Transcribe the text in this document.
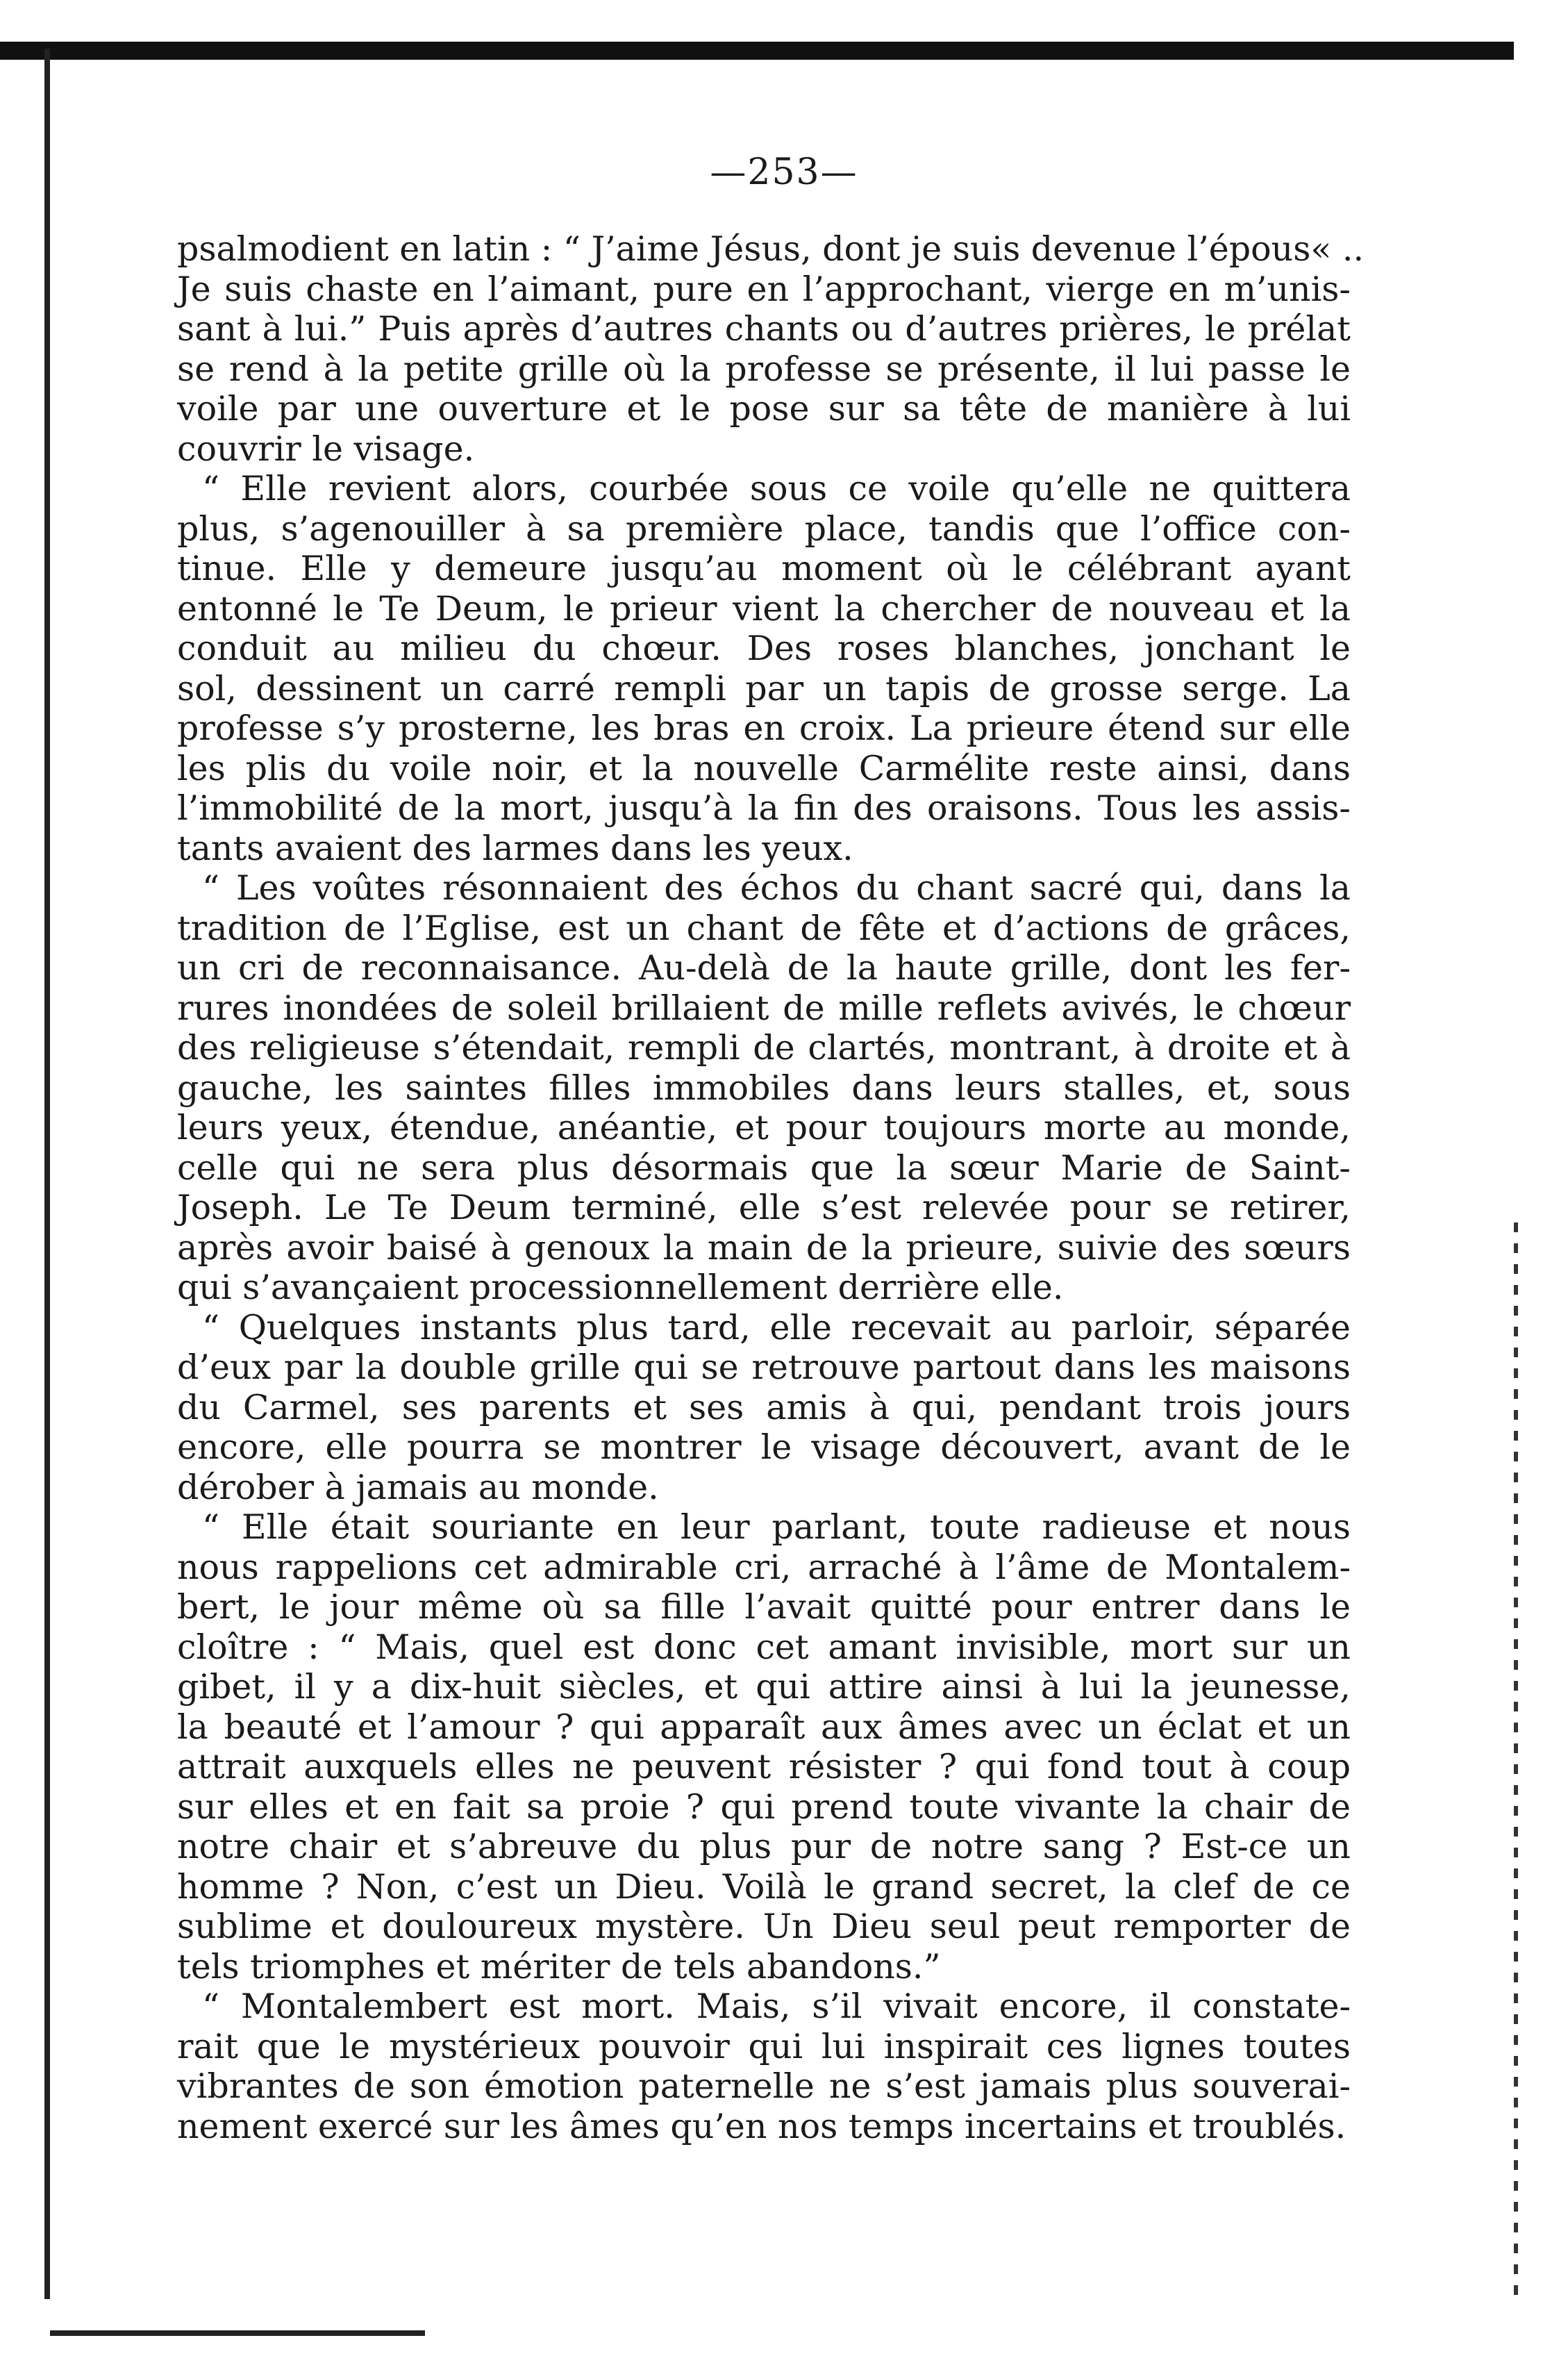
—253—
psalmodient en latin : “ J’aime Jésus, dont je suis devenue l’épous« ..
Je suis chaste en l’aimant, pure en l’approchant, vierge en m’unis-
sant à lui.” Puis après d’autres chants ou d’autres prières, le prélat
se rend à la petite grille où la professe se présente, il lui passe le
voile par une ouverture et le pose sur sa tête de manière à lui
couvrir le visage.
“ Elle revient alors, courbée sous ce voile qu’elle ne quittera
plus, s’agenouiller à sa première place, tandis que l’office con-
tinue. Elle y demeure jusqu’au moment où le célébrant ayant
entonné le Te Deum, le prieur vient la chercher de nouveau et la
conduit au milieu du chœur. Des roses blanches, jonchant le
sol, dessinent un carré rempli par un tapis de grosse serge. La
professe s’y prosterne, les bras en croix. La prieure étend sur elle
les plis du voile noir, et la nouvelle Carmélite reste ainsi, dans
l’immobilité de la mort, jusqu’à la fin des oraisons. Tous les assis-
tants avaient des larmes dans les yeux.
“ Les voûtes résonnaient des échos du chant sacré qui, dans la
tradition de l’Eglise, est un chant de fête et d’actions de grâces,
un cri de reconnaisance. Au-delà de la haute grille, dont les fer-
rures inondées de soleil brillaient de mille reflets avivés, le chœur
des religieuse s’étendait, rempli de clartés, montrant, à droite et à
gauche, les saintes filles immobiles dans leurs stalles, et, sous
leurs yeux, étendue, anéantie, et pour toujours morte au monde,
celle qui ne sera plus désormais que la sœur Marie de Saint-
Joseph. Le Te Deum terminé, elle s’est relevée pour se retirer,
après avoir baisé à genoux la main de la prieure, suivie des sœurs
qui s’avançaient processionnellement derrière elle.
“ Quelques instants plus tard, elle recevait au parloir, séparée
d’eux par la double grille qui se retrouve partout dans les maisons
du Carmel, ses parents et ses amis à qui, pendant trois jours
encore, elle pourra se montrer le visage découvert, avant de le
dérober à jamais au monde.
“ Elle était souriante en leur parlant, toute radieuse et nous
nous rappelions cet admirable cri, arraché à l’âme de Montalem-
bert, le jour même où sa fille l’avait quitté pour entrer dans le
cloître : “ Mais, quel est donc cet amant invisible, mort sur un
gibet, il y a dix-huit siècles, et qui attire ainsi à lui la jeunesse,
la beauté et l’amour ? qui apparaît aux âmes avec un éclat et un
attrait auxquels elles ne peuvent résister ? qui fond tout à coup
sur elles et en fait sa proie ? qui prend toute vivante la chair de
notre chair et s’abreuve du plus pur de notre sang ? Est-ce un
homme ? Non, c’est un Dieu. Voilà le grand secret, la clef de ce
sublime et douloureux mystère. Un Dieu seul peut remporter de
tels triomphes et mériter de tels abandons.”
“ Montalembert est mort. Mais, s’il vivait encore, il constate-
rait que le mystérieux pouvoir qui lui inspirait ces lignes toutes
vibrantes de son émotion paternelle ne s’est jamais plus souverai-
nement exercé sur les âmes qu’en nos temps incertains et troublés.
